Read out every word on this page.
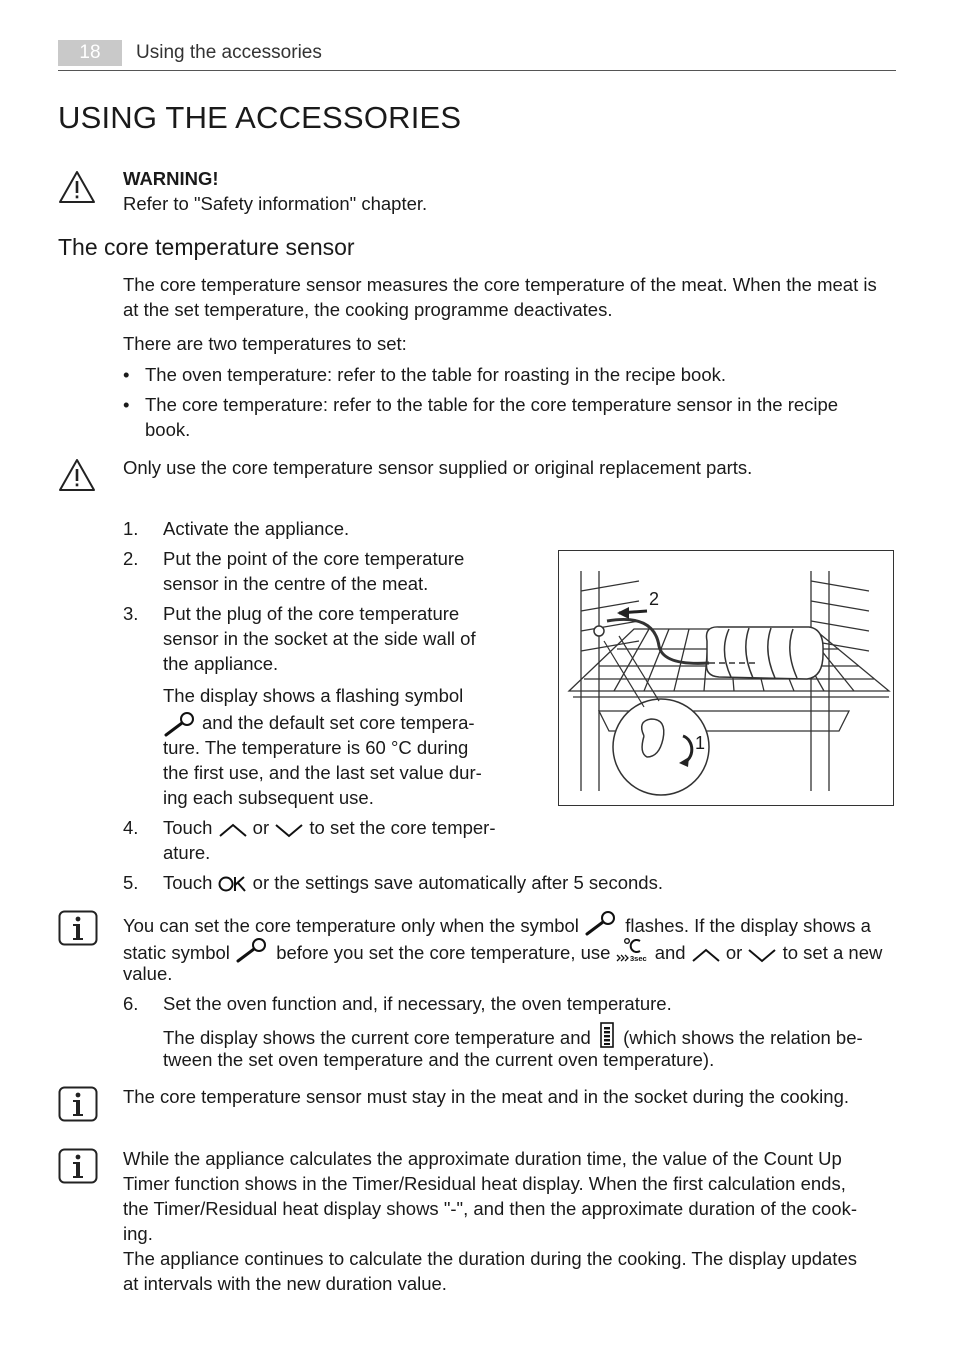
18	Using the accessories
USING THE ACCESSORIES
WARNING!
Refer to "Safety information" chapter.
The core temperature sensor
The core temperature sensor measures the core temperature of the meat. When the meat is
at the set temperature, the cooking programme deactivates.
There are two temperatures to set:
• The oven temperature: refer to the table for roasting in the recipe book.
• The core temperature: refer to the table for the core temperature sensor in the recipe
book.
Only use the core temperature sensor supplied or original replacement parts.
1. Activate the appliance.
2. Put the point of the core temperature
sensor in the centre of the meat.
3. Put the plug of the core temperature
sensor in the socket at the side wall of
the appliance.
The display shows a flashing symbol
and the default set core tempera-
ture. The temperature is 60 °C during
the first use, and the last set value dur-
ing each subsequent use.
4. Touch or to set the core temper-
ature.
5. Touch or the settings save automatically after 5 seconds.
You can set the core temperature only when the symbol	flashes. If the display shows a
static symbol	before you set the core temperature, use	3sec and or to set a new
value.
6. Set the oven function and, if necessary, the oven temperature.
The display shows the current core temperature and (which shows the relation be-
tween the set oven temperature and the current oven temperature).
The core temperature sensor must stay in the meat and in the socket during the cooking.
While the appliance calculates the approximate duration time, the value of the Count Up
Timer function shows in the Timer/Residual heat display. When the first calculation ends,
the Timer/Residual heat display shows "-", and then the approximate duration of the cook-
ing.
The appliance continues to calculate the duration during the cooking. The display updates
at intervals with the new duration value.
2
1
